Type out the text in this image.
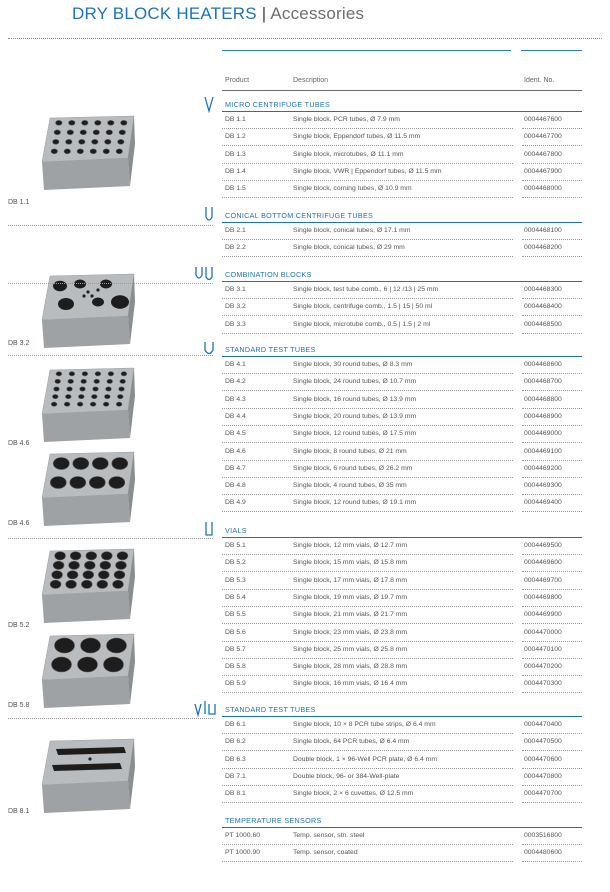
DRY BLOCK HEATERS | Accessories
Product	Description	Ident. No.
MICRO CENTRIFUGE TUBES
DB 1.1	Single block, PCR tubes, Ø 7.9 mm	0004467600
DB 1.2	Single block, Eppendorf tubes, Ø 11.5 mm	0004467700
DB 1.3	Single block, microtubes, Ø 11.1 mm	0004467800
DB 1.4	Single block, VWR | Eppendorf tubes, Ø 11.5 mm	0004467900
DB 1.5	Single block, corning tubes, Ø 10.9 mm	0004468000
CONICAL BOTTOM CENTRIFUGE TUBES
DB 2.1	Single block, conical tubes, Ø 17.1 mm	0004468100
DB 2.2	Single block, conical tubes, Ø 29 mm	0004468200
COMBINATION BLOCKS
DB 3.1	Single block, test tube comb., 6 | 12 /13 | 25 mm	0004468300
DB 3.2	Single block, centrifuge comb., 1.5 | 15 | 50 ml	0004468400
DB 3.3	Single block, microtube comb., 0.5 | 1.5 | 2 ml	0004468500
STANDARD TEST TUBES
DB 4.1	Single block, 30 round tubes, Ø 8.3 mm	0004468600
DB 4.2	Single block, 24 round tubes, Ø 10.7 mm	0004468700
DB 4.3	Single block, 16 round tubes, Ø 13.9 mm	0004468800
DB 4.4	Single block, 20 round tubes, Ø 13.9 mm	0004468900
DB 4.5	Single block, 12 round tubes, Ø 17.5 mm	0004469000
DB 4.6	Single block, 8 round tubes, Ø 21 mm	0004469100
DB 4.7	Single block, 6 round tubes, Ø 26.2 mm	0004469200
DB 4.8	Single block, 4 round tubes, Ø 35 mm	0004469300
DB 4.9	Single block, 12 round tubes, Ø 19.1 mm	0004469400
VIALS
DB 5.1	Single block, 12 mm vials, Ø 12.7 mm	0004469500
DB 5.2	Single block, 15 mm vials, Ø 15.8 mm	0004469600
DB 5.3	Single block, 17 mm vials, Ø 17.8 mm	0004469700
DB 5.4	Single block, 19 mm vials, Ø 19.7 mm	0004469800
DB 5.5	Single block, 21 mm vials, Ø 21.7 mm	0004469900
DB 5.6	Single block, 23 mm vials, Ø 23.8 mm	0004470000
DB 5.7	Single block, 25 mm vials, Ø 25.8 mm	0004470100
DB 5.8	Single block, 28 mm vials, Ø 28.8 mm	0004470200
DB 5.9	Single block, 16 mm vials, Ø 16.4 mm	0004470300
STANDARD TEST TUBES
DB 6.1	Single block, 10 × 8 PCR tube strips, Ø 6.4 mm	0004470400
DB 6.2	Single block, 64 PCR tubes, Ø 6.4 mm	0004470500
DB 6.3	Double block, 1 × 96-Well PCR plate, Ø 6.4 mm	0004470600
DB 7.1	Double block, 96- or 384-Well-plate	0004470800
DB 8.1	Single block, 2 × 6 cuvettes, Ø 12.5 mm	0004470700
TEMPERATURE SENSORS
PT 1000.60	Temp. sensor, stn. steel	0003516800
PT 1000.90	Temp. sensor, coated	0004480600
DB 1.1
DB 3.2
DB 4.6
DB 4.6
DB 5.2
DB 5.8
DB 8.1
